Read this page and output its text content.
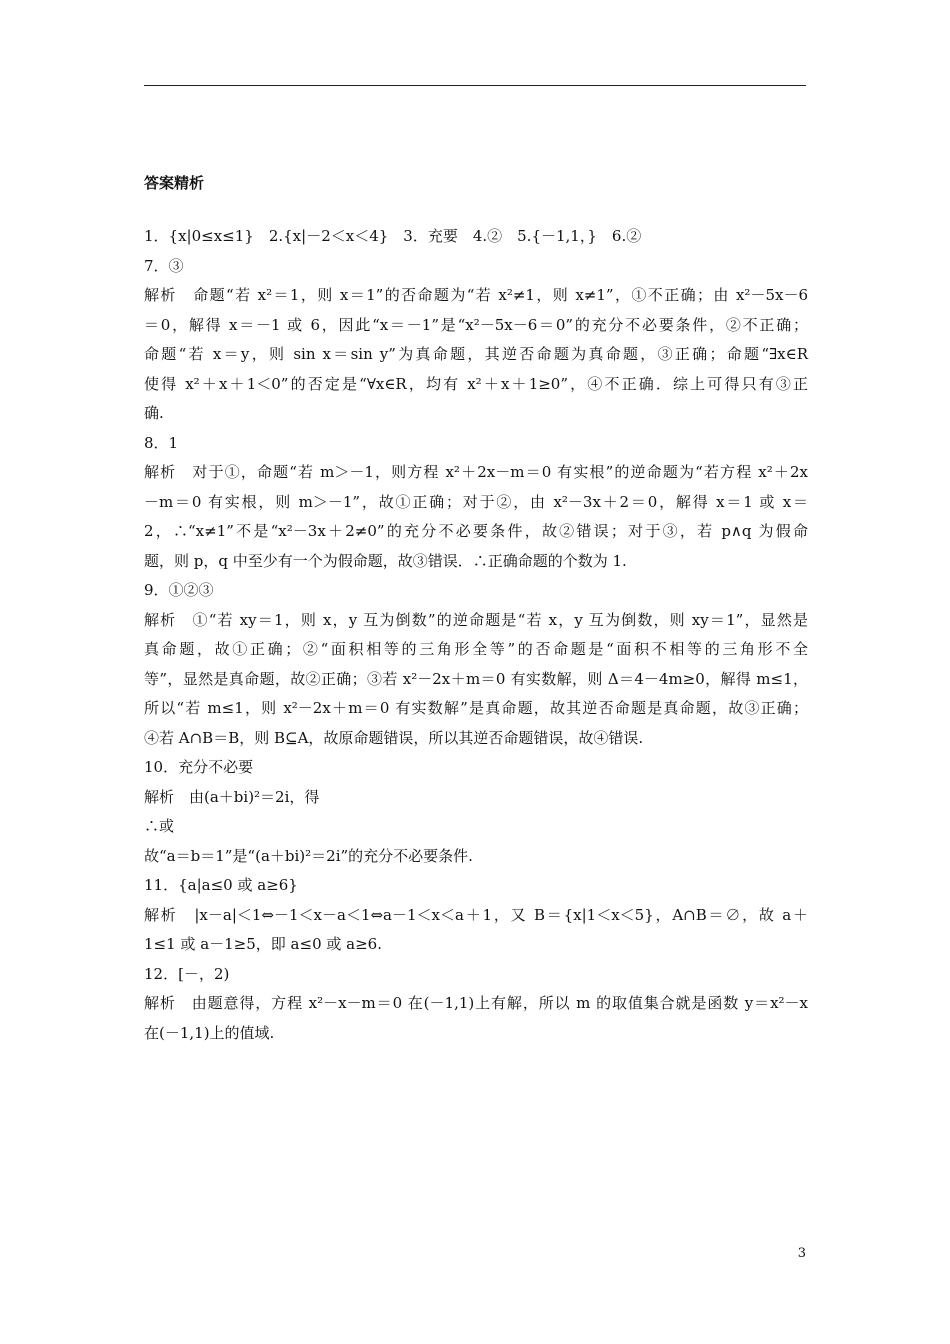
答案精析

1．{x|0≤x≤1}　2.{x|－2＜x＜4}　3．充要　4.②　5.{－1,1，}　6.②

7．③

解析　命题“若 x²＝1，则 x＝1”的否命题为“若 x²≠1，则 x≠1”，①不正确；由 x²－5x－6

＝0，解得 x＝－1 或 6，因此“x＝－1”是“x²－5x－6＝0”的充分不必要条件，②不正确；

命题“若 x＝y，则 sin x＝sin y”为真命题，其逆否命题为真命题，③正确；命题“∃x∈R

使得 x²＋x＋1＜0”的否定是“∀x∈R，均有 x²＋x＋1≥0”，④不正确．综上可得只有③正

确.

8．1

解析　对于①，命题“若 m＞－1，则方程 x²＋2x－m＝0 有实根”的逆命题为“若方程 x²＋2x

－m＝0 有实根，则 m＞－1”，故①正确；对于②，由 x²－3x＋2＝0，解得 x＝1 或 x＝

2，∴“x≠1”不是“x²－3x＋2≠0”的充分不必要条件，故②错误；对于③，若 p∧q 为假命

题，则 p，q 中至少有一个为假命题，故③错误．∴正确命题的个数为 1.

9．①②③

解析　①“若 xy＝1，则 x，y 互为倒数”的逆命题是“若 x，y 互为倒数，则 xy＝1”，显然是

真命题，故①正确；②“面积相等的三角形全等”的否命题是“面积不相等的三角形不全

等”，显然是真命题，故②正确；③若 x²－2x＋m＝0 有实数解，则 Δ＝4－4m≥0，解得 m≤1，

所以“若 m≤1，则 x²－2x＋m＝0 有实数解”是真命题，故其逆否命题是真命题，故③正确；

④若 A∩B＝B，则 B⊆A，故原命题错误，所以其逆否命题错误，故④错误.

10．充分不必要

解析　由(a＋bi)²＝2i，得

∴或

故“a＝b＝1”是“(a＋bi)²＝2i”的充分不必要条件.

11．{a|a≤0 或 a≥6}

解析　|x－a|＜1⇔－1＜x－a＜1⇔a－1＜x＜a＋1，又 B＝{x|1＜x＜5}，A∩B＝∅，故 a＋

1≤1 或 a－1≥5，即 a≤0 或 a≥6.

12．[－，2)

解析　由题意得，方程 x²－x－m＝0 在(－1,1)上有解，所以 m 的取值集合就是函数 y＝x²－x

在(－1,1)上的值域.

3
